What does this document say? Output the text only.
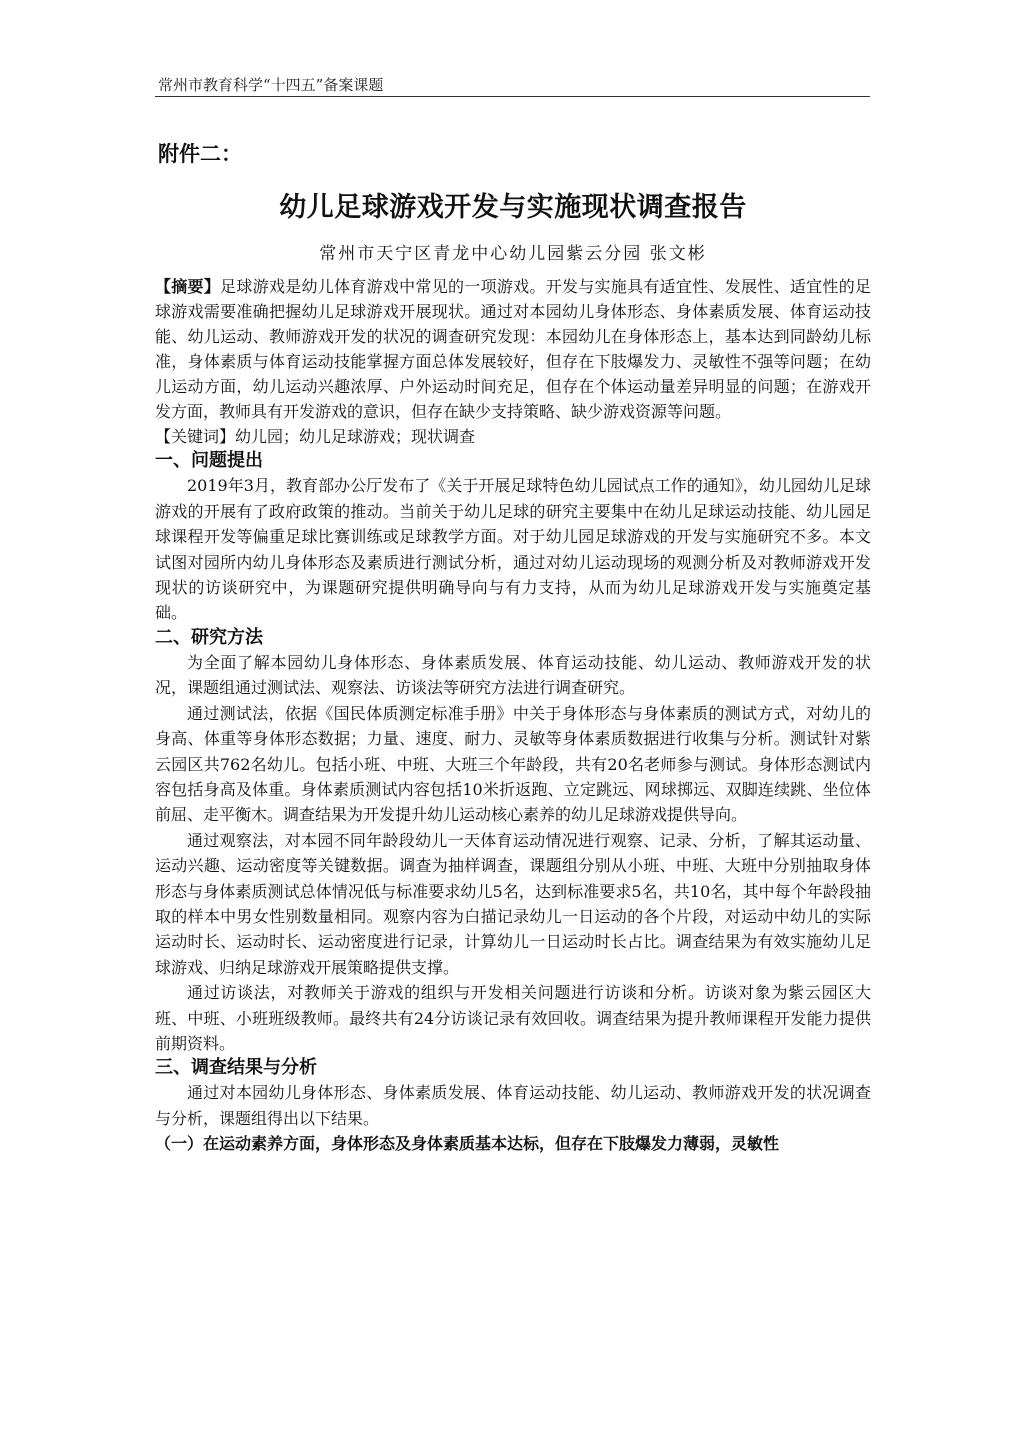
常州市教育科学“十四五”备案课题
附件二：
幼儿足球游戏开发与实施现状调查报告
常州市天宁区青龙中心幼儿园紫云分园 张文彬

【摘要】足球游戏是幼儿体育游戏中常见的一项游戏。开发与实施具有适宜性、发展性、适宜性的足球游戏需要准确把握幼儿足球游戏开展现状。通过对本园幼儿身体形态、身体素质发展、体育运动技能、幼儿运动、教师游戏开发的状况的调查研究发现：本园幼儿在身体形态上，基本达到同龄幼儿标准，身体素质与体育运动技能掌握方面总体发展较好，但存在下肢爆发力、灵敏性不强等问题；在幼儿运动方面，幼儿运动兴趣浓厚、户外运动时间充足，但存在个体运动量差异明显的问题；在游戏开发方面，教师具有开发游戏的意识，但存在缺少支持策略、缺少游戏资源等问题。

【关键词】幼儿园；幼儿足球游戏；现状调查

一、问题提出

2019年3月，教育部办公厅发布了《关于开展足球特色幼儿园试点工作的通知》，幼儿园幼儿足球游戏的开展有了政府政策的推动。当前关于幼儿足球的研究主要集中在幼儿足球运动技能、幼儿园足球课程开发等偏重足球比赛训练或足球教学方面。对于幼儿园足球游戏的开发与实施研究不多。本文试图对园所内幼儿身体形态及素质进行测试分析，通过对幼儿运动现场的观测分析及对教师游戏开发现状的访谈研究中，为课题研究提供明确导向与有力支持，从而为幼儿足球游戏开发与实施奠定基础。

二、研究方法

为全面了解本园幼儿身体形态、身体素质发展、体育运动技能、幼儿运动、教师游戏开发的状况，课题组通过测试法、观察法、访谈法等研究方法进行调查研究。

通过测试法，依据《国民体质测定标准手册》中关于身体形态与身体素质的测试方式，对幼儿的身高、体重等身体形态数据；力量、速度、耐力、灵敏等身体素质数据进行收集与分析。测试针对紫云园区共762名幼儿。包括小班、中班、大班三个年龄段，共有20名老师参与测试。身体形态测试内容包括身高及体重。身体素质测试内容包括10米折返跑、立定跳远、网球掷远、双脚连续跳、坐位体前屈、走平衡木。调查结果为开发提升幼儿运动核心素养的幼儿足球游戏提供导向。

通过观察法，对本园不同年龄段幼儿一天体育运动情况进行观察、记录、分析，了解其运动量、运动兴趣、运动密度等关键数据。调查为抽样调查，课题组分别从小班、中班、大班中分别抽取身体形态与身体素质测试总体情况低与标准要求幼儿5名，达到标准要求5名，共10名，其中每个年龄段抽取的样本中男女性别数量相同。观察内容为白描记录幼儿一日运动的各个片段，对运动中幼儿的实际运动时长、运动时长、运动密度进行记录，计算幼儿一日运动时长占比。调查结果为有效实施幼儿足球游戏、归纳足球游戏开展策略提供支撑。

通过访谈法，对教师关于游戏的组织与开发相关问题进行访谈和分析。访谈对象为紫云园区大班、中班、小班班级教师。最终共有24分访谈记录有效回收。调查结果为提升教师课程开发能力提供前期资料。

三、调查结果与分析

通过对本园幼儿身体形态、身体素质发展、体育运动技能、幼儿运动、教师游戏开发的状况调查与分析，课题组得出以下结果。

（一）在运动素养方面，身体形态及身体素质基本达标，但存在下肢爆发力薄弱，灵敏性
